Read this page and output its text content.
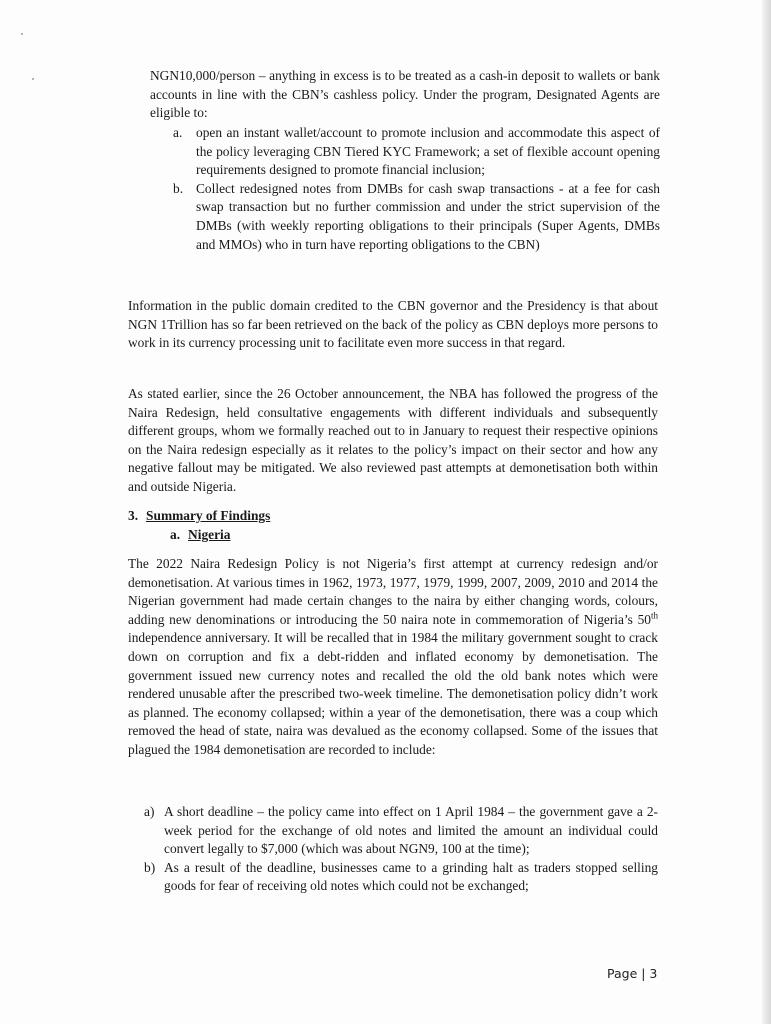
NGN10,000/person – anything in excess is to be treated as a cash-in deposit to wallets or bank accounts in line with the CBN’s cashless policy. Under the program, Designated Agents are eligible to:

a. open an instant wallet/account to promote inclusion and accommodate this aspect of the policy leveraging CBN Tiered KYC Framework; a set of flexible account opening requirements designed to promote financial inclusion;
b. Collect redesigned notes from DMBs for cash swap transactions - at a fee for cash swap transaction but no further commission and under the strict supervision of the DMBs (with weekly reporting obligations to their principals (Super Agents, DMBs and MMOs) who in turn have reporting obligations to the CBN)

Information in the public domain credited to the CBN governor and the Presidency is that about NGN 1Trillion has so far been retrieved on the back of the policy as CBN deploys more persons to work in its currency processing unit to facilitate even more success in that regard.

As stated earlier, since the 26 October announcement, the NBA has followed the progress of the Naira Redesign, held consultative engagements with different individuals and subsequently different groups, whom we formally reached out to in January to request their respective opinions on the Naira redesign especially as it relates to the policy’s impact on their sector and how any negative fallout may be mitigated. We also reviewed past attempts at demonetisation both within and outside Nigeria.

3. Summary of Findings
a. Nigeria

The 2022 Naira Redesign Policy is not Nigeria’s first attempt at currency redesign and/or demonetisation. At various times in 1962, 1973, 1977, 1979, 1999, 2007, 2009, 2010 and 2014 the Nigerian government had made certain changes to the naira by either changing words, colours, adding new denominations or introducing the 50 naira note in commemoration of Nigeria’s 50th independence anniversary. It will be recalled that in 1984 the military government sought to crack down on corruption and fix a debt-ridden and inflated economy by demonetisation. The government issued new currency notes and recalled the old the old bank notes which were rendered unusable after the prescribed two-week timeline. The demonetisation policy didn’t work as planned. The economy collapsed; within a year of the demonetisation, there was a coup which removed the head of state, naira was devalued as the economy collapsed. Some of the issues that plagued the 1984 demonetisation are recorded to include:

a) A short deadline – the policy came into effect on 1 April 1984 – the government gave a 2-week period for the exchange of old notes and limited the amount an individual could convert legally to $7,000 (which was about NGN9, 100 at the time);
b) As a result of the deadline, businesses came to a grinding halt as traders stopped selling goods for fear of receiving old notes which could not be exchanged;
Page | 3
